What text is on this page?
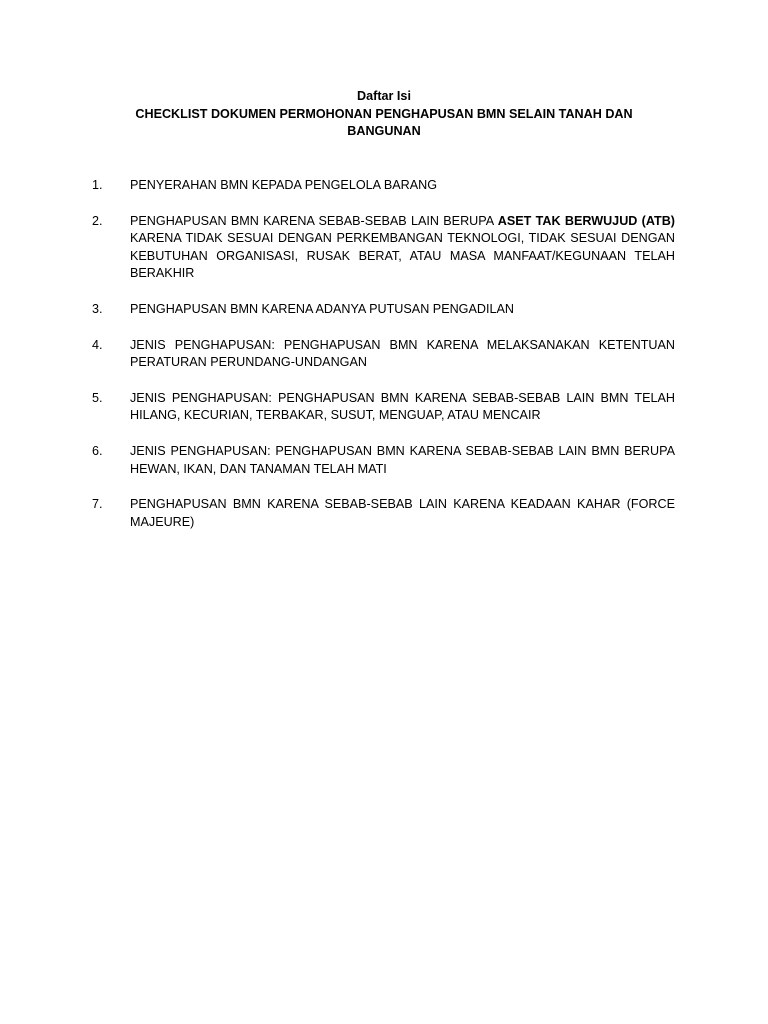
Daftar Isi
CHECKLIST DOKUMEN PERMOHONAN PENGHAPUSAN BMN SELAIN TANAH DAN BANGUNAN
1.	PENYERAHAN BMN KEPADA PENGELOLA BARANG
2.	PENGHAPUSAN BMN KARENA SEBAB-SEBAB LAIN BERUPA ASET TAK BERWUJUD (ATB) KARENA TIDAK SESUAI DENGAN PERKEMBANGAN TEKNOLOGI, TIDAK SESUAI DENGAN KEBUTUHAN ORGANISASI, RUSAK BERAT, ATAU MASA MANFAAT/KEGUNAAN TELAH BERAKHIR
3.	PENGHAPUSAN BMN KARENA ADANYA PUTUSAN PENGADILAN
4.	JENIS PENGHAPUSAN: PENGHAPUSAN BMN KARENA MELAKSANAKAN KETENTUAN PERATURAN PERUNDANG-UNDANGAN
5.	JENIS PENGHAPUSAN: PENGHAPUSAN BMN KARENA SEBAB-SEBAB LAIN BMN TELAH HILANG, KECURIAN, TERBAKAR, SUSUT, MENGUAP, ATAU MENCAIR
6.	JENIS PENGHAPUSAN: PENGHAPUSAN BMN KARENA SEBAB-SEBAB LAIN BMN BERUPA HEWAN, IKAN, DAN TANAMAN TELAH MATI
7.	PENGHAPUSAN BMN KARENA SEBAB-SEBAB LAIN KARENA KEADAAN KAHAR (FORCE MAJEURE)
